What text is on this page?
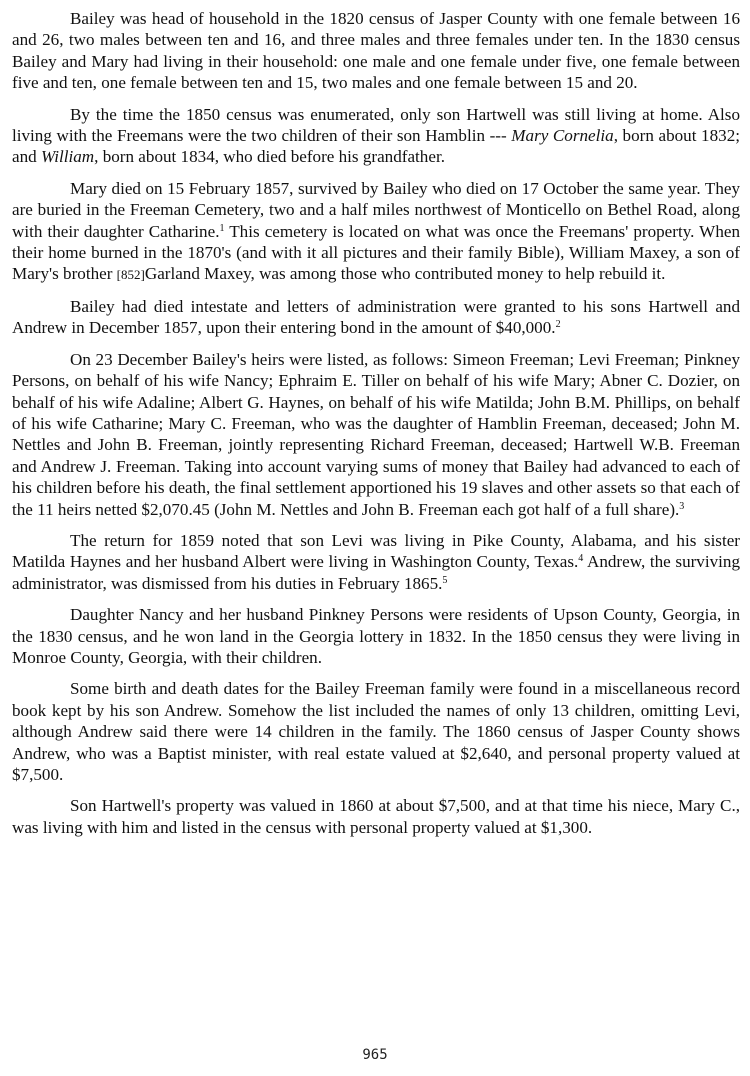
Bailey was head of household in the 1820 census of Jasper County with one female between 16 and 26, two males between ten and 16, and three males and three females under ten. In the 1830 census Bailey and Mary had living in their household: one male and one female under five, one female between five and ten, one female between ten and 15, two males and one female between 15 and 20.

By the time the 1850 census was enumerated, only son Hartwell was still living at home. Also living with the Freemans were the two children of their son Hamblin --- Mary Cornelia, born about 1832; and William, born about 1834, who died before his grandfather.

Mary died on 15 February 1857, survived by Bailey who died on 17 October the same year. They are buried in the Freeman Cemetery, two and a half miles northwest of Monticello on Bethel Road, along with their daughter Catharine.$^1$ This cemetery is located on what was once the Freemans' property. When their home burned in the 1870's (and with it all pictures and their family Bible), William Maxey, a son of Mary's brother [852]Garland Maxey, was among those who contributed money to help rebuild it.

Bailey had died intestate and letters of administration were granted to his sons Hartwell and Andrew in December 1857, upon their entering bond in the amount of $40,000.$^2$

On 23 December Bailey's heirs were listed, as follows: Simeon Freeman; Levi Freeman; Pinkney Persons, on behalf of his wife Nancy; Ephraim E. Tiller on behalf of his wife Mary; Abner C. Dozier, on behalf of his wife Adaline; Albert G. Haynes, on behalf of his wife Matilda; John B.M. Phillips, on behalf of his wife Catharine; Mary C. Freeman, who was the daughter of Hamblin Freeman, deceased; John M. Nettles and John B. Freeman, jointly representing Richard Freeman, deceased; Hartwell W.B. Freeman and Andrew J. Freeman. Taking into account varying sums of money that Bailey had advanced to each of his children before his death, the final settlement apportioned his 19 slaves and other assets so that each of the 11 heirs netted $2,070.45 (John M. Nettles and John B. Freeman each got half of a full share).$^3$

The return for 1859 noted that son Levi was living in Pike County, Alabama, and his sister Matilda Haynes and her husband Albert were living in Washington County, Texas.$^4$ Andrew, the surviving administrator, was dismissed from his duties in February 1865.$^5$

Daughter Nancy and her husband Pinkney Persons were residents of Upson County, Georgia, in the 1830 census, and he won land in the Georgia lottery in 1832. In the 1850 census they were living in Monroe County, Georgia, with their children.

Some birth and death dates for the Bailey Freeman family were found in a miscellaneous record book kept by his son Andrew. Somehow the list included the names of only 13 children, omitting Levi, although Andrew said there were 14 children in the family. The 1860 census of Jasper County shows Andrew, who was a Baptist minister, with real estate valued at $2,640, and personal property valued at $7,500.

Son Hartwell's property was valued in 1860 at about $7,500, and at that time his niece, Mary C., was living with him and listed in the census with personal property valued at $1,300.

965
